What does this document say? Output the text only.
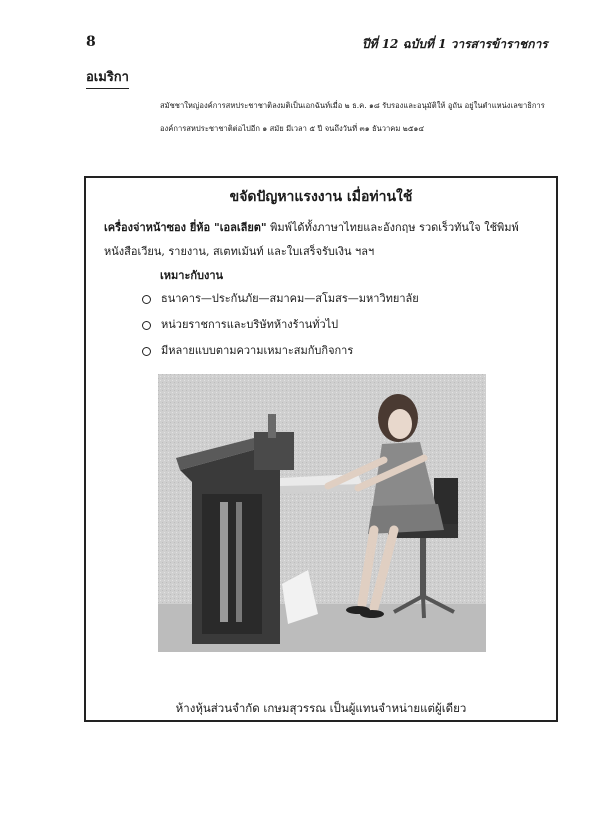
8	ปีที่ 12 ฉบับที่ 1 วารสารข้าราชการ
อเมริกา
สมัชชาใหญ่องค์การสหประชาชาติลงมติเป็นเอกฉันท์เมื่อ ๒ ธ.ค. ๑๘ รับรองและอนุมัติให้ อูถัน อยู่ในตำแหน่งเลขาธิการองค์การสหประชาชาติต่อไปอีก ๑ สมัย มีเวลา ๕ ปี จนถึงวันที่ ๓๑ ธันวาคม ๒๕๑๔
ขจัดปัญหาแรงงาน เมื่อท่านใช้
เครื่องจ่าหน้าซอง ยี่ห้อ "เอลเลียต" พิมพ์ได้ทั้งภาษาไทยและอังกฤษ รวดเร็วทันใจ ใช้พิมพ์หนังสือเวียน, รายงาน, สเตทเม้นท์ และใบเสร็จรับเงิน ฯลฯ
เหมาะกับงาน
ธนาคาร—ประกันภัย—สมาคม—สโมสร—มหาวิทยาลัย
หน่วยราชการและบริษัทห้างร้านทั่วไป
มีหลายแบบตามความเหมาะสมกับกิจการ
ห้างหุ้นส่วนจำกัด เกษมสุวรรณ เป็นผู้แทนจำหน่ายแต่ผู้เดียว
